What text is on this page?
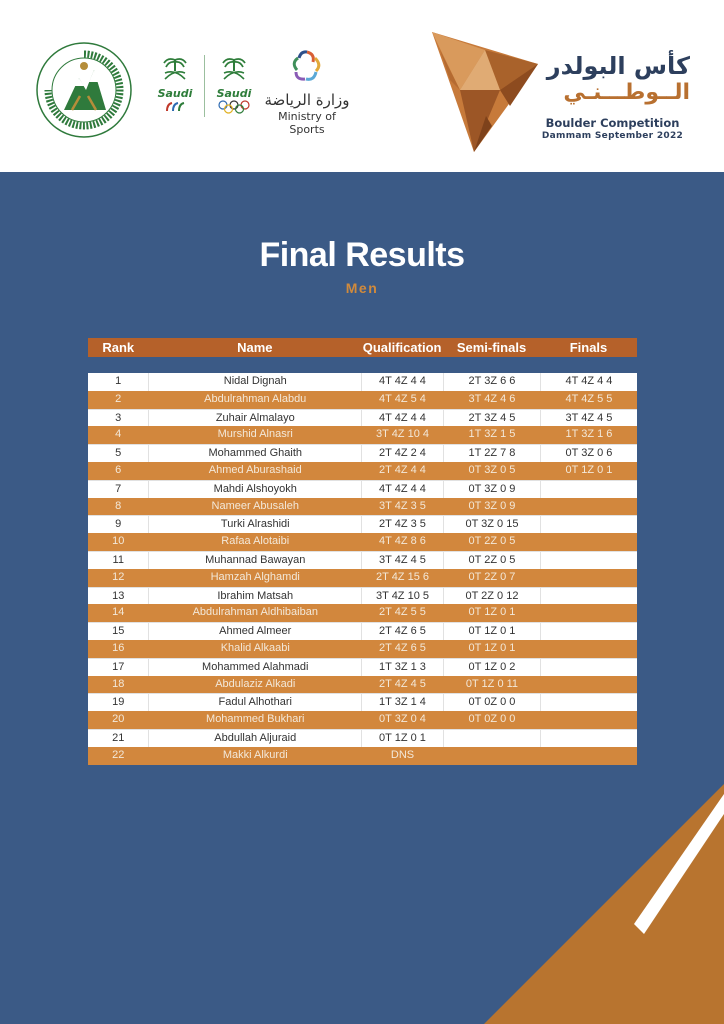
Saudi	Saudi وزارة الرياضة
Ministry of Sports
كأس البولدر
الــوطـــنـي
Boulder Competition
Dammam September 2022
Final Results
Men
Rank	Name	Qualification	Semi-finals	Finals
1	Nidal Dignah	4T 4Z 4 4	2T 3Z 6 6	4T 4Z 4 4
2	Abdulrahman Alabdu	4T 4Z 5 4	3T 4Z 4 6	4T 4Z 5 5
3	Zuhair Almalayo	4T 4Z 4 4	2T 3Z 4 5	3T 4Z 4 5
4	Murshid Alnasri	3T 4Z 10 4	1T 3Z 1 5	1T 3Z 1 6
5	Mohammed Ghaith	2T 4Z 2 4	1T 2Z 7 8	0T 3Z 0 6
6	Ahmed Aburashaid	2T 4Z 4 4	0T 3Z 0 5	0T 1Z 0 1
7	Mahdi Alshoyokh	4T 4Z 4 4	0T 3Z 0 9
8	Nameer Abusaleh	3T 4Z 3 5	0T 3Z 0 9
9	Turki Alrashidi	2T 4Z 3 5	0T 3Z 0 15
10	Rafaa Alotaibi	4T 4Z 8 6	0T 2Z 0 5
11	Muhannad Bawayan	3T 4Z 4 5	0T 2Z 0 5
12	Hamzah Alghamdi	2T 4Z 15 6	0T 2Z 0 7
13	Ibrahim Matsah	3T 4Z 10 5	0T 2Z 0 12
14	Abdulrahman Aldhibaiban	2T 4Z 5 5	0T 1Z 0 1
15	Ahmed Almeer	2T 4Z 6 5	0T 1Z 0 1
16	Khalid Alkaabi	2T 4Z 6 5	0T 1Z 0 1
17	Mohammed Alahmadi	1T 3Z 1 3	0T 1Z 0 2
18	Abdulaziz Alkadi	2T 4Z 4 5	0T 1Z 0 11
19	Fadul Alhothari	1T 3Z 1 4	0T 0Z 0 0
20	Mohammed Bukhari	0T 3Z 0 4	0T 0Z 0 0
21	Abdullah Aljuraid	0T 1Z 0 1
22	Makki Alkurdi	DNS
